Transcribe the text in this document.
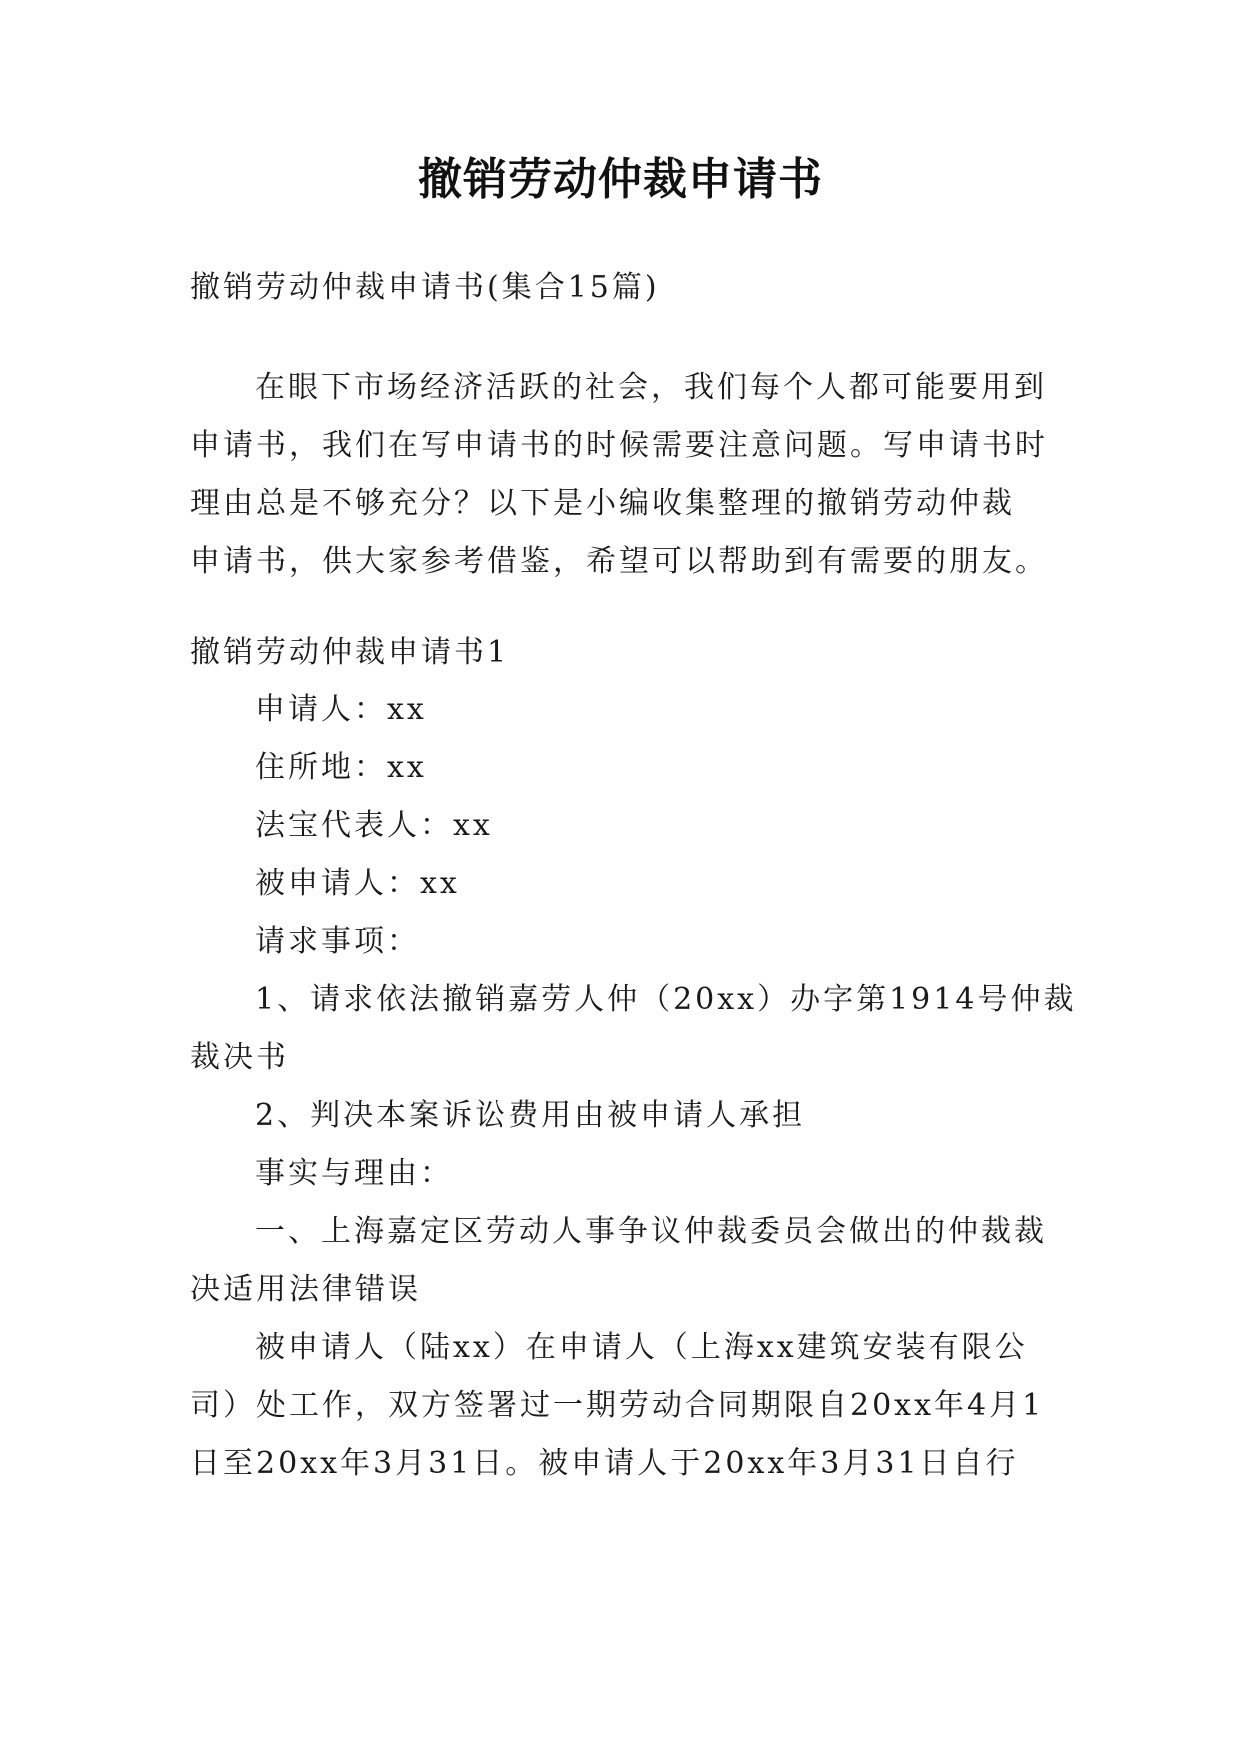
撤销劳动仲裁申请书
撤销劳动仲裁申请书(集合15篇)
在眼下市场经济活跃的社会，我们每个人都可能要用到
申请书，我们在写申请书的时候需要注意问题。写申请书时
理由总是不够充分？以下是小编收集整理的撤销劳动仲裁
申请书，供大家参考借鉴，希望可以帮助到有需要的朋友。
撤销劳动仲裁申请书1
申请人：xx
住所地：xx
法宝代表人：xx
被申请人：xx
请求事项：
1、请求依法撤销嘉劳人仲（20xx）办字第1914号仲裁
裁决书
2、判决本案诉讼费用由被申请人承担
事实与理由：
一、上海嘉定区劳动人事争议仲裁委员会做出的仲裁裁
决适用法律错误
被申请人（陆xx）在申请人（上海xx建筑安装有限公
司）处工作，双方签署过一期劳动合同期限自20xx年4月1
日至20xx年3月31日。被申请人于20xx年3月31日自行
